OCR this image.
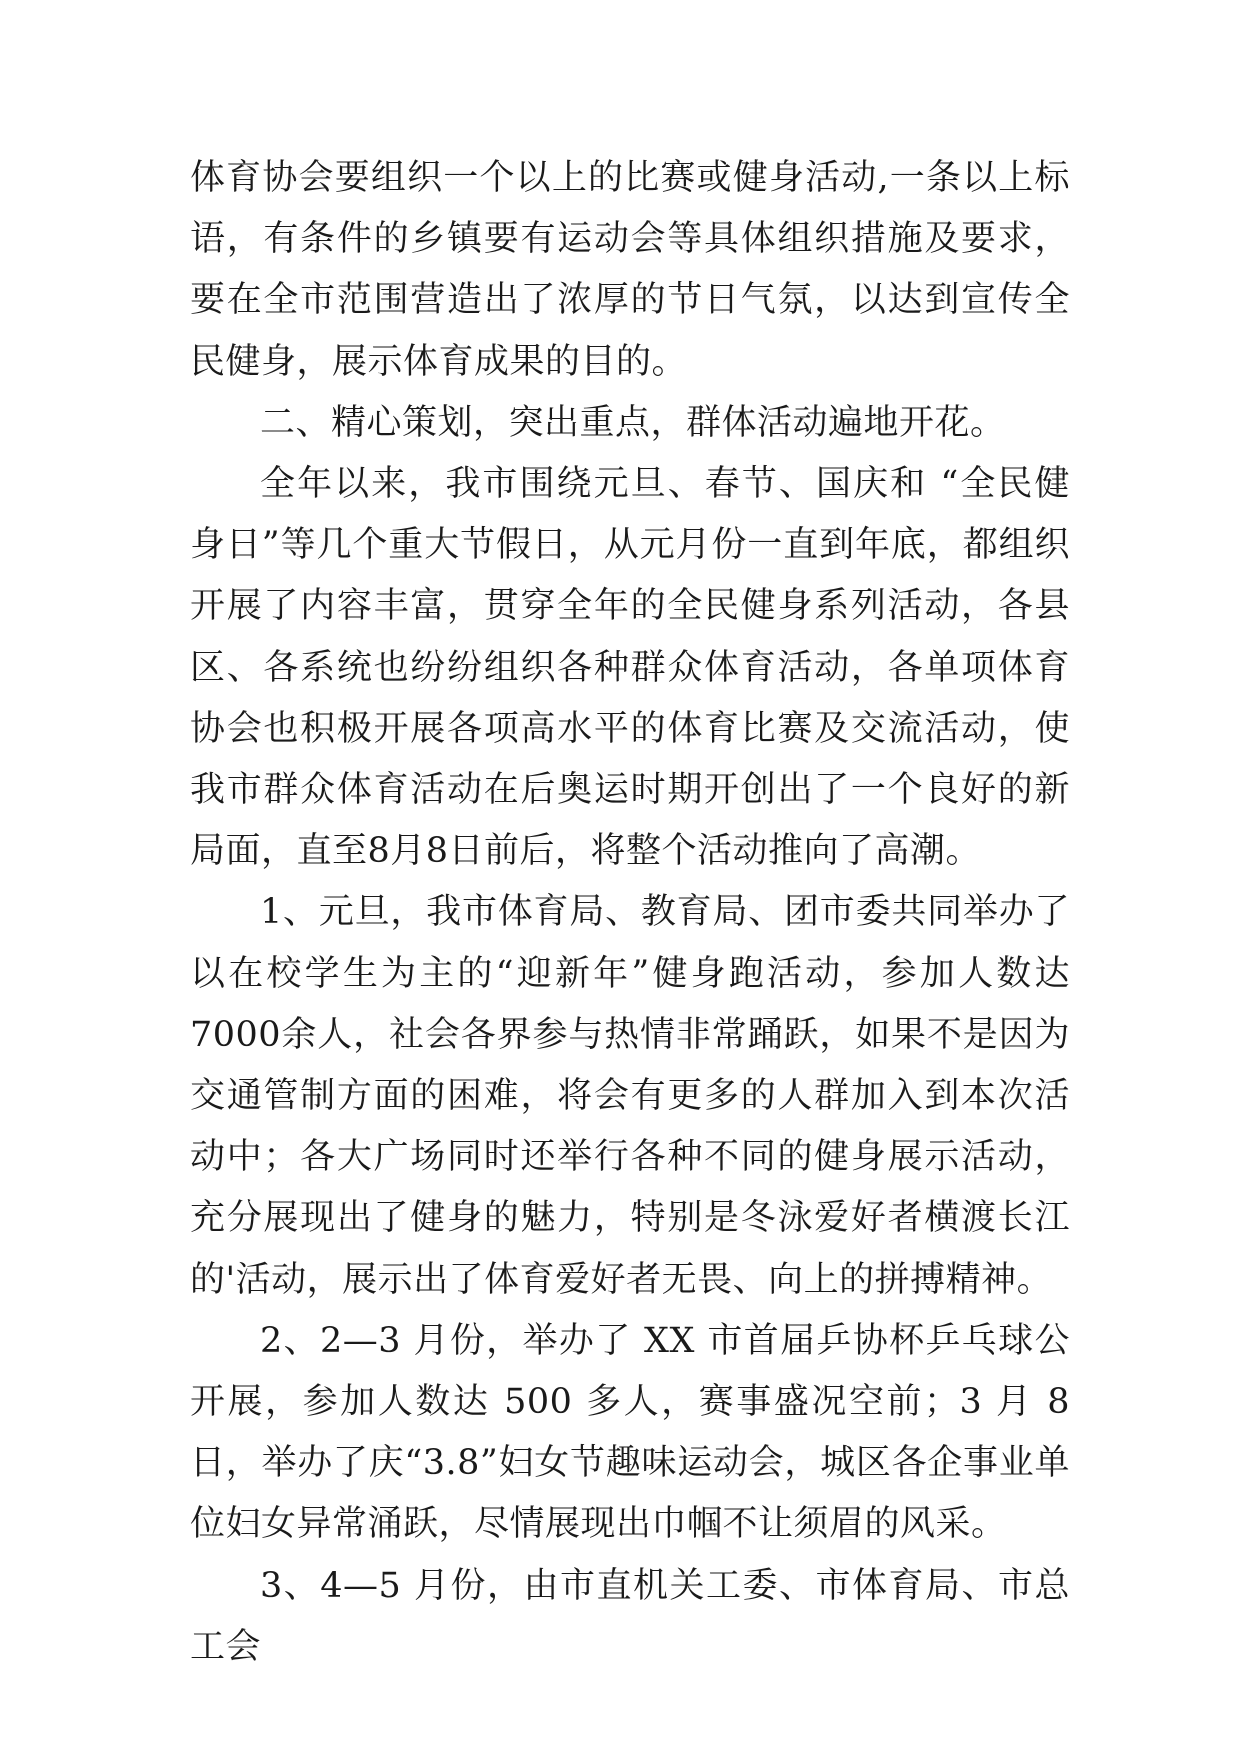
体育协会要组织一个以上的比赛或健身活动,一条以上标语，有条件的乡镇要有运动会等具体组织措施及要求，要在全市范围营造出了浓厚的节日气氛，以达到宣传全民健身，展示体育成果的目的。

二、精心策划，突出重点，群体活动遍地开花。

全年以来，我市围绕元旦、春节、国庆和 “全民健身日”等几个重大节假日，从元月份一直到年底，都组织开展了内容丰富，贯穿全年的全民健身系列活动，各县区、各系统也纷纷组织各种群众体育活动，各单项体育协会也积极开展各项高水平的体育比赛及交流活动，使我市群众体育活动在后奥运时期开创出了一个良好的新局面，直至8月8日前后，将整个活动推向了高潮。

1、元旦，我市体育局、教育局、团市委共同举办了以在校学生为主的“迎新年”健身跑活动，参加人数达 7000余人，社会各界参与热情非常踊跃，如果不是因为交通管制方面的困难，将会有更多的人群加入到本次活动中；各大广场同时还举行各种不同的健身展示活动，充分展现出了健身的魅力，特别是冬泳爱好者横渡长江的'活动，展示出了体育爱好者无畏、向上的拼搏精神。

2、2—3 月份，举办了 XX 市首届乒协杯乒乓球公开展，参加人数达 500 多人，赛事盛况空前；3 月 8 日，举办了庆“3.8”妇女节趣味运动会，城区各企事业单位妇女异常涌跃，尽情展现出巾帼不让须眉的风采。

3、4—5 月份，由市直机关工委、市体育局、市总工会
